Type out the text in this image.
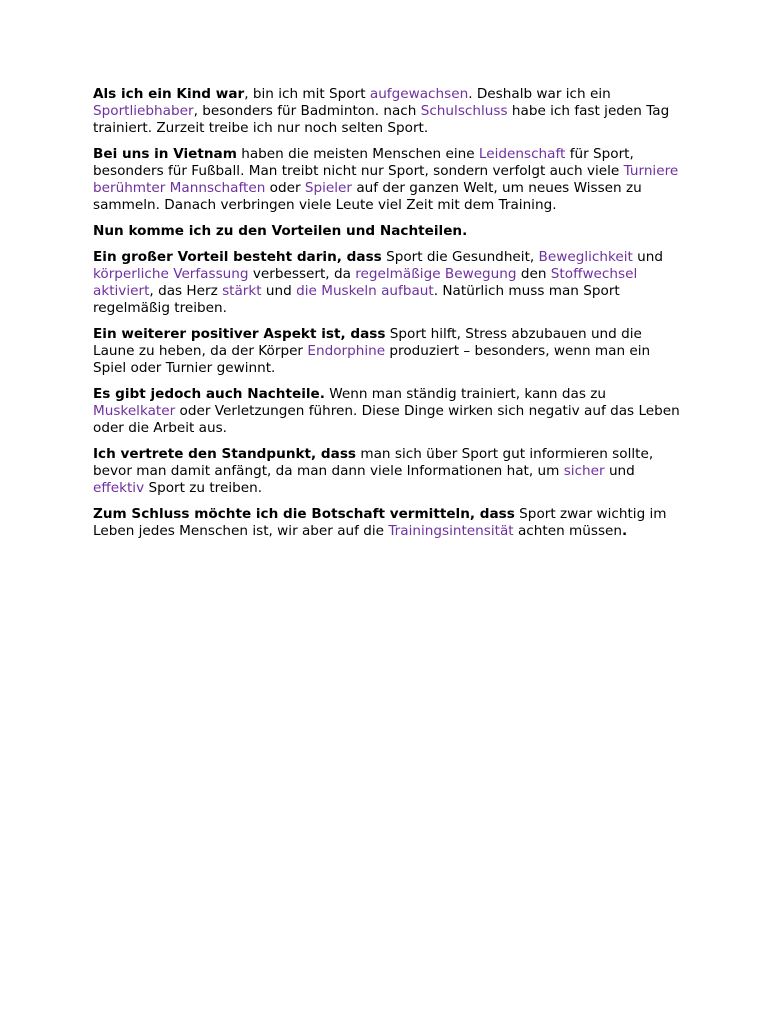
Als ich ein Kind war, bin ich mit Sport aufgewachsen. Deshalb war ich ein Sportliebhaber, besonders für Badminton. nach Schulschluss habe ich fast jeden Tag trainiert. Zurzeit treibe ich nur noch selten Sport.

Bei uns in Vietnam haben die meisten Menschen eine Leidenschaft für Sport, besonders für Fußball. Man treibt nicht nur Sport, sondern verfolgt auch viele Turniere berühmter Mannschaften oder Spieler auf der ganzen Welt, um neues Wissen zu sammeln. Danach verbringen viele Leute viel Zeit mit dem Training.

Nun komme ich zu den Vorteilen und Nachteilen.

Ein großer Vorteil besteht darin, dass Sport die Gesundheit, Beweglichkeit und körperliche Verfassung verbessert, da regelmäßige Bewegung den Stoffwechsel aktiviert, das Herz stärkt und die Muskeln aufbaut. Natürlich muss man Sport regelmäßig treiben.

Ein weiterer positiver Aspekt ist, dass Sport hilft, Stress abzubauen und die Laune zu heben, da der Körper Endorphine produziert – besonders, wenn man ein Spiel oder Turnier gewinnt.

Es gibt jedoch auch Nachteile. Wenn man ständig trainiert, kann das zu Muskelkater oder Verletzungen führen. Diese Dinge wirken sich negativ auf das Leben oder die Arbeit aus.

Ich vertrete den Standpunkt, dass man sich über Sport gut informieren sollte, bevor man damit anfängt, da man dann viele Informationen hat, um sicher und effektiv Sport zu treiben.

Zum Schluss möchte ich die Botschaft vermitteln, dass Sport zwar wichtig im Leben jedes Menschen ist, wir aber auf die Trainingsintensität achten müssen.
